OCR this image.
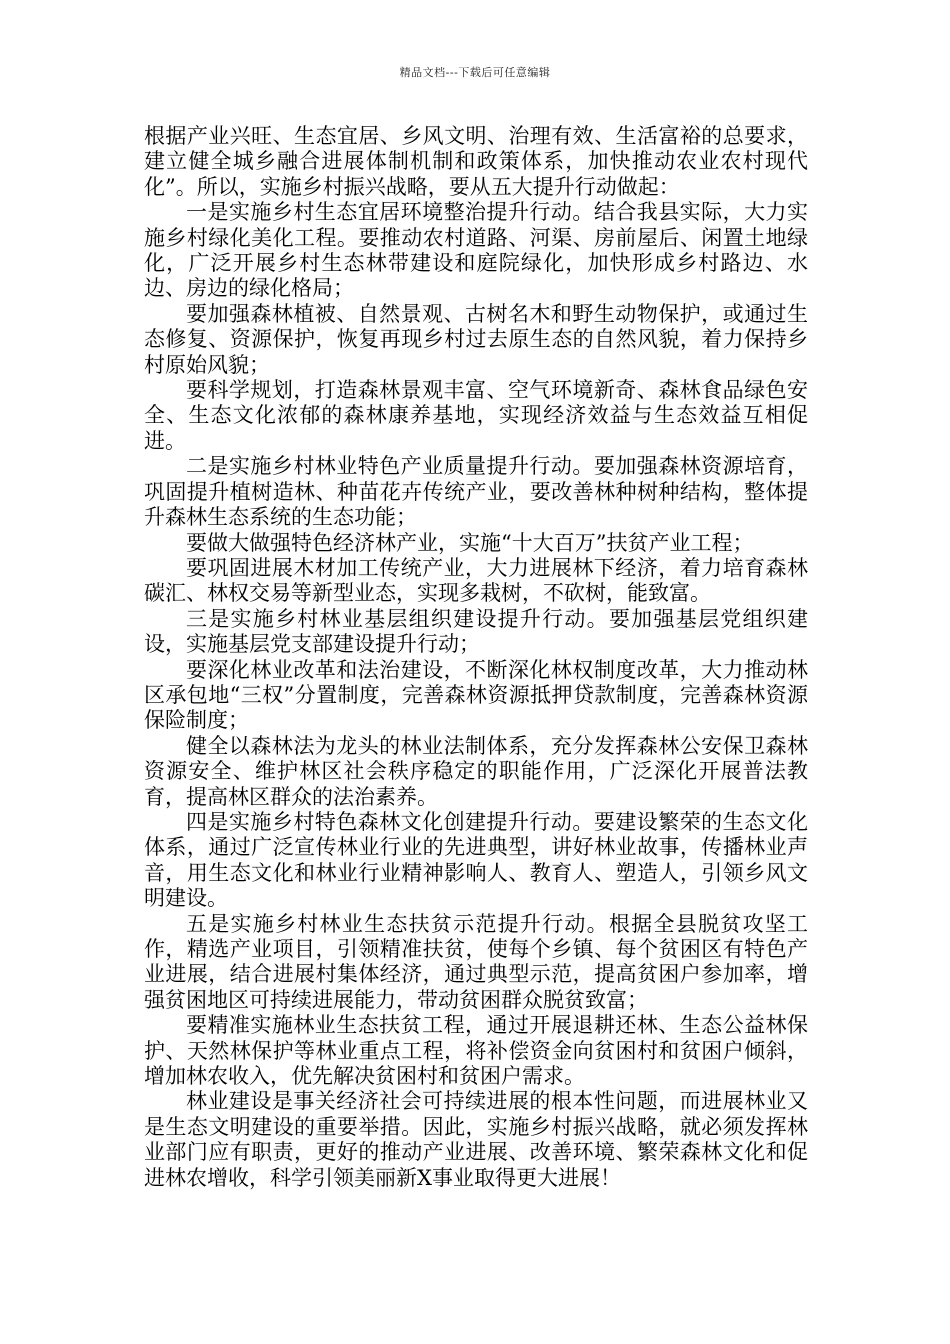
精品文档---下载后可任意编辑

根据产业兴旺、生态宜居、乡风文明、治理有效、生活富裕的总要求，建立健全城乡融合进展体制机制和政策体系，加快推动农业农村现代化”。所以，实施乡村振兴战略，要从五大提升行动做起：

一是实施乡村生态宜居环境整治提升行动。结合我县实际，大力实施乡村绿化美化工程。要推动农村道路、河渠、房前屋后、闲置土地绿化，广泛开展乡村生态林带建设和庭院绿化，加快形成乡村路边、水边、房边的绿化格局；

要加强森林植被、自然景观、古树名木和野生动物保护，或通过生态修复、资源保护，恢复再现乡村过去原生态的自然风貌，着力保持乡村原始风貌；

要科学规划，打造森林景观丰富、空气环境新奇、森林食品绿色安全、生态文化浓郁的森林康养基地，实现经济效益与生态效益互相促进。

二是实施乡村林业特色产业质量提升行动。要加强森林资源培育，巩固提升植树造林、种苗花卉传统产业，要改善林种树种结构，整体提升森林生态系统的生态功能；

要做大做强特色经济林产业，实施“十大百万”扶贫产业工程；

要巩固进展木材加工传统产业，大力进展林下经济，着力培育森林碳汇、林权交易等新型业态，实现多栽树，不砍树，能致富。

三是实施乡村林业基层组织建设提升行动。要加强基层党组织建设，实施基层党支部建设提升行动；

要深化林业改革和法治建设，不断深化林权制度改革，大力推动林区承包地“三权”分置制度，完善森林资源抵押贷款制度，完善森林资源保险制度；

健全以森林法为龙头的林业法制体系，充分发挥森林公安保卫森林资源安全、维护林区社会秩序稳定的职能作用，广泛深化开展普法教育，提高林区群众的法治素养。

四是实施乡村特色森林文化创建提升行动。要建设繁荣的生态文化体系，通过广泛宣传林业行业的先进典型，讲好林业故事，传播林业声音，用生态文化和林业行业精神影响人、教育人、塑造人，引领乡风文明建设。

五是实施乡村林业生态扶贫示范提升行动。根据全县脱贫攻坚工作，精选产业项目，引领精准扶贫，使每个乡镇、每个贫困区有特色产业进展，结合进展村集体经济，通过典型示范，提高贫困户参加率，增强贫困地区可持续进展能力，带动贫困群众脱贫致富；

要精准实施林业生态扶贫工程，通过开展退耕还林、生态公益林保护、天然林保护等林业重点工程，将补偿资金向贫困村和贫困户倾斜，增加林农收入，优先解决贫困村和贫困户需求。

林业建设是事关经济社会可持续进展的根本性问题，而进展林业又是生态文明建设的重要举措。因此，实施乡村振兴战略，就必须发挥林业部门应有职责，更好的推动产业进展、改善环境、繁荣森林文化和促进林农增收，科学引领美丽新X事业取得更大进展！
